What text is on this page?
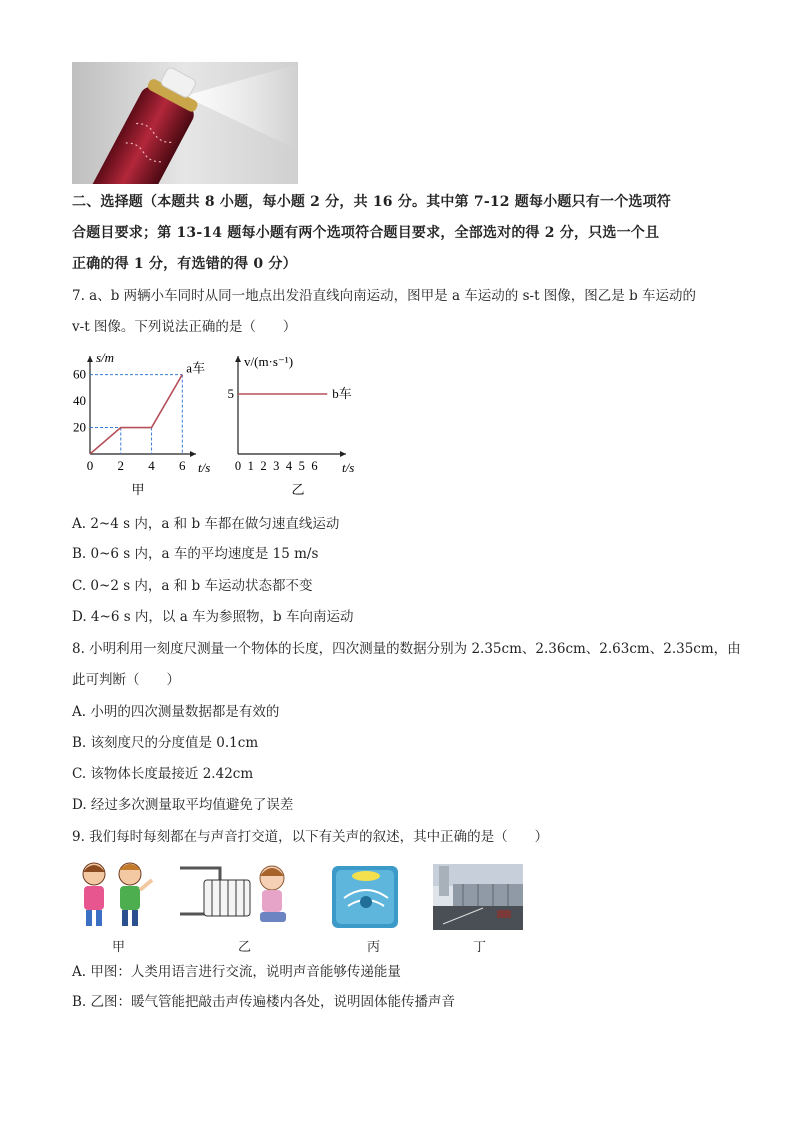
二、选择题（本题共 8 小题，每小题 2 分，共 16 分。其中第 7-12 题每小题只有一个选项符
合题目要求；第 13-14 题每小题有两个选项符合题目要求，全部选对的得 2 分，只选一个且
正确的得 1 分，有选错的得 0 分）
7. a、b 两辆小车同时从同一地点出发沿直线向南运动，图甲是 a 车运动的 s-t 图像，图乙是 b 车运动的
v-t 图像。下列说法正确的是（　　）
0 2 4 6
20
40
60
t/s
s/m
a车
甲
0 1 2 3 4 5 6
5
t/s
v/(m·s⁻¹)
b车
乙
A. 2~4 s 内，a 和 b 车都在做匀速直线运动
B. 0~6 s 内，a 车的平均速度是 15 m/s
C. 0~2 s 内，a 和 b 车运动状态都不变
D. 4~6 s 内，以 a 车为参照物，b 车向南运动
8. 小明利用一刻度尺测量一个物体的长度，四次测量的数据分别为 2.35cm、2.36cm、2.63cm、2.35cm，由
此可判断（　　）
A. 小明的四次测量数据都是有效的
B. 该刻度尺的分度值是 0.1cm
C. 该物体长度最接近 2.42cm
D. 经过多次测量取平均值避免了误差
9. 我们每时每刻都在与声音打交道，以下有关声的叙述，其中正确的是（　　）
甲	乙	丙	丁
A. 甲图：人类用语言进行交流，说明声音能够传递能量
B. 乙图：暖气管能把敲击声传遍楼内各处，说明固体能传播声音
